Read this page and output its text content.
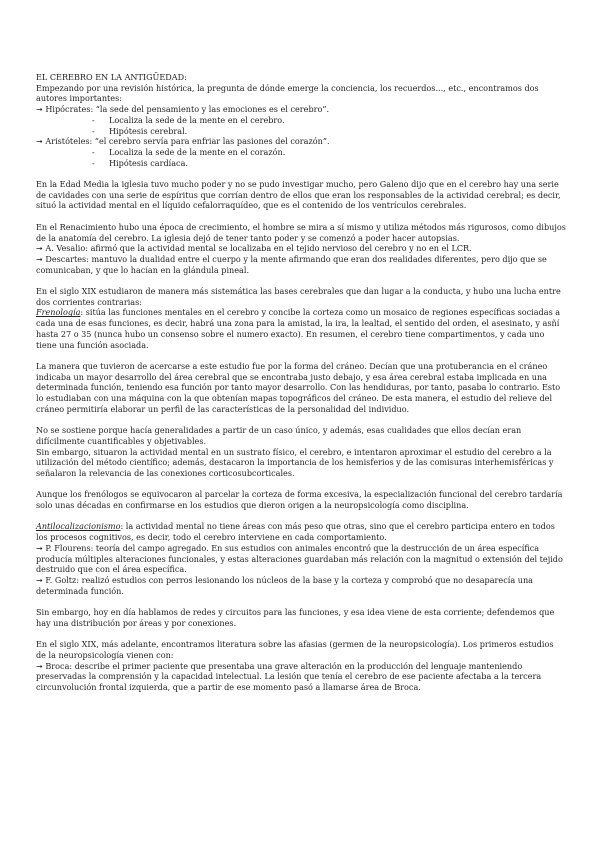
EL CEREBRO EN LA ANTIGÜEDAD:
Empezando por una revisión histórica, la pregunta de dónde emerge la conciencia, los recuerdos..., etc., encontramos dos autores importantes:
➞ Hipócrates: “la sede del pensamiento y las emociones es el cerebro”.
- Localiza la sede de la mente en el cerebro.
- Hipótesis cerebral.
➞ Aristóteles: “el cerebro servía para enfriar las pasiones del corazón”.
- Localiza la sede de la mente en el corazón.
- Hipótesis cardíaca.
En la Edad Media la iglesia tuvo mucho poder y no se pudo investigar mucho, pero Galeno dijo que en el cerebro hay una serie de cavidades con una serie de espíritus que corrían dentro de ellos que eran los responsables de la actividad cerebral; es decir, situó la actividad mental en el líquido cefalorraquídeo, que es el contenido de los ventrículos cerebrales.
En el Renacimiento hubo una época de crecimiento, el hombre se mira a sí mismo y utiliza métodos más rigurosos, como dibujos de la anatomía del cerebro. La iglesia dejó de tener tanto poder y se comenzó a poder hacer autopsias.
➞ A. Vesalio: afirmó que la actividad mental se localizaba en el tejido nervioso del cerebro y no en el LCR.
➞ Descartes: mantuvo la dualidad entre el cuerpo y la mente afirmando que eran dos realidades diferentes, pero dijo que se comunicaban, y que lo hacían en la glándula pineal.
En el siglo XIX estudiaron de manera más sistemática las bases cerebrales que dan lugar a la conducta, y hubo una lucha entre dos corrientes contrarias:
Frenología: sitúa las funciones mentales en el cerebro y concibe la corteza como un mosaico de regiones específicas sociadas a cada una de esas funciones, es decir, habrá una zona para la amistad, la ira, la lealtad, el sentido del orden, el asesinato, y asñí hasta 27 o 35 (nunca hubo un consenso sobre el numero exacto). En resumen, el cerebro tiene compartimentos, y cada uno tiene una función asociada.
La manera que tuvieron de acercarse a este estudio fue por la forma del cráneo. Decían que una protuberancia en el cráneo indicaba un mayor desarrollo del área cerebral que se encontraba justo debajo, y esa área cerebral estaba implicada en una determinada función, teniendo esa función por tanto mayor desarrollo. Con las hendiduras, por tanto, pasaba lo contrario. Esto lo estudiaban con una máquina con la que obtenían mapas topográficos del cráneo. De esta manera, el estudio del relieve del cráneo permitiría elaborar un perfil de las características de la personalidad del individuo.
No se sostiene porque hacía generalidades a partir de un caso único, y además, esas cualidades que ellos decían eran difícilmente cuantificables y objetivables.
Sin embargo, situaron la actividad mental en un sustrato físico, el cerebro, e intentaron aproximar el estudio del cerebro a la utilización del método científico; además, destacaron la importancia de los hemisferios y de las comisuras interhemisféricas y señalaron la relevancia de las conexiones corticosubcorticales.
Aunque los frenólogos se equivocaron al parcelar la corteza de forma excesiva, la especialización funcional del cerebro tardaría solo unas décadas en confirmarse en los estudios que dieron origen a la neuropsicología como disciplina.
Antilocalizacionismo: la actividad mental no tiene áreas con más peso que otras, sino que el cerebro participa entero en todos los procesos cognitivos, es decir, todo el cerebro interviene en cada comportamiento.
➞ P. Flourens: teoría del campo agregado. En sus estudios con animales encontró que la destrucción de un área específica producía múltiples alteraciones funcionales, y estas alteraciones guardaban más relación con la magnitud o extensión del tejido destruido que con el área específica.
➞ F. Goltz: realizó estudios con perros lesionando los núcleos de la base y la corteza y comprobó que no desaparecía una determinada función.
Sin embargo, hoy en día hablamos de redes y circuitos para las funciones, y esa idea viene de esta corriente; defendemos que hay una distribución por áreas y por conexiones.
En el siglo XIX, más adelante, encontramos literatura sobre las afasias (germen de la neuropsicología). Los primeros estudios de la neuropsicología vienen con:
➞ Broca: describe el primer paciente que presentaba una grave alteración en la producción del lenguaje manteniendo preservadas la comprensión y la capacidad intelectual. La lesión que tenía el cerebro de ese paciente afectaba a la tercera circunvolución frontal izquierda, que a partir de ese momento pasó a llamarse área de Broca.
